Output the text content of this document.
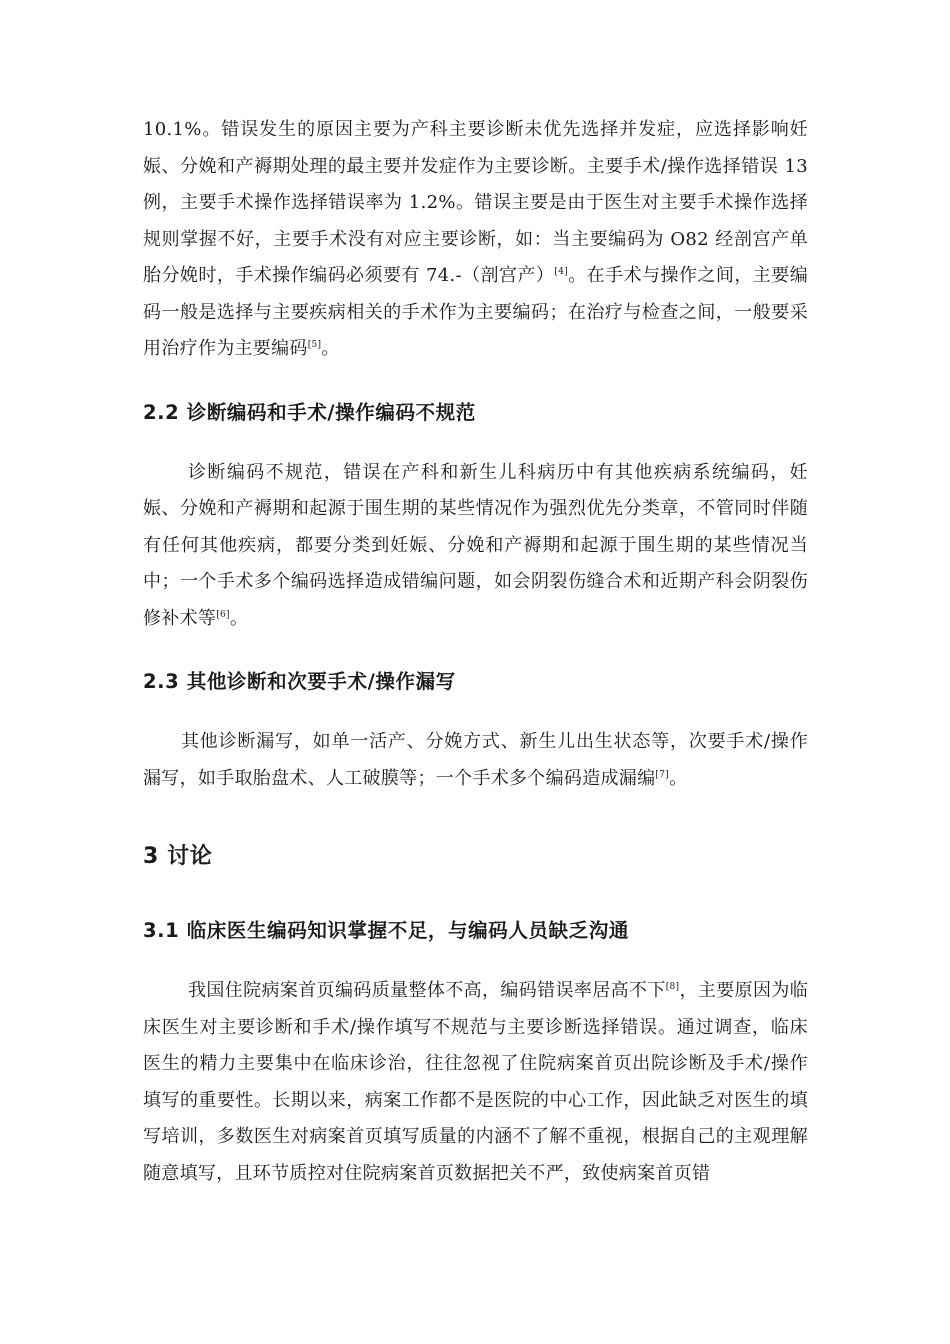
10.1%。错误发生的原因主要为产科主要诊断未优先选择并发症，应选择影响妊娠、分娩和产褥期处理的最主要并发症作为主要诊断。主要手术/操作选择错误 13 例，主要手术操作选择错误率为 1.2%。错误主要是由于医生对主要手术操作选择规则掌握不好，主要手术没有对应主要诊断，如：当主要编码为 O82 经剖宫产单胎分娩时，手术操作编码必须要有 74.-（剖宫产）[4]。在手术与操作之间，主要编码一般是选择与主要疾病相关的手术作为主要编码；在治疗与检查之间，一般要采用治疗作为主要编码[5]。

2.2 诊断编码和手术/操作编码不规范

诊断编码不规范，错误在产科和新生儿科病历中有其他疾病系统编码，妊娠、分娩和产褥期和起源于围生期的某些情况作为强烈优先分类章，不管同时伴随有任何其他疾病，都要分类到妊娠、分娩和产褥期和起源于围生期的某些情况当中；一个手术多个编码选择造成错编问题，如会阴裂伤缝合术和近期产科会阴裂伤修补术等[6]。

2.3 其他诊断和次要手术/操作漏写

其他诊断漏写，如单一活产、分娩方式、新生儿出生状态等，次要手术/操作漏写，如手取胎盘术、人工破膜等；一个手术多个编码造成漏编[7]。

3 讨论
3.1 临床医生编码知识掌握不足，与编码人员缺乏沟通

我国住院病案首页编码质量整体不高，编码错误率居高不下[8]，主要原因为临床医生对主要诊断和手术/操作填写不规范与主要诊断选择错误。通过调查，临床医生的精力主要集中在临床诊治，往往忽视了住院病案首页出院诊断及手术/操作填写的重要性。长期以来，病案工作都不是医院的中心工作，因此缺乏对医生的填写培训，多数医生对病案首页填写质量的内涵不了解不重视，根据自己的主观理解随意填写，且环节质控对住院病案首页数据把关不严，致使病案首页错
